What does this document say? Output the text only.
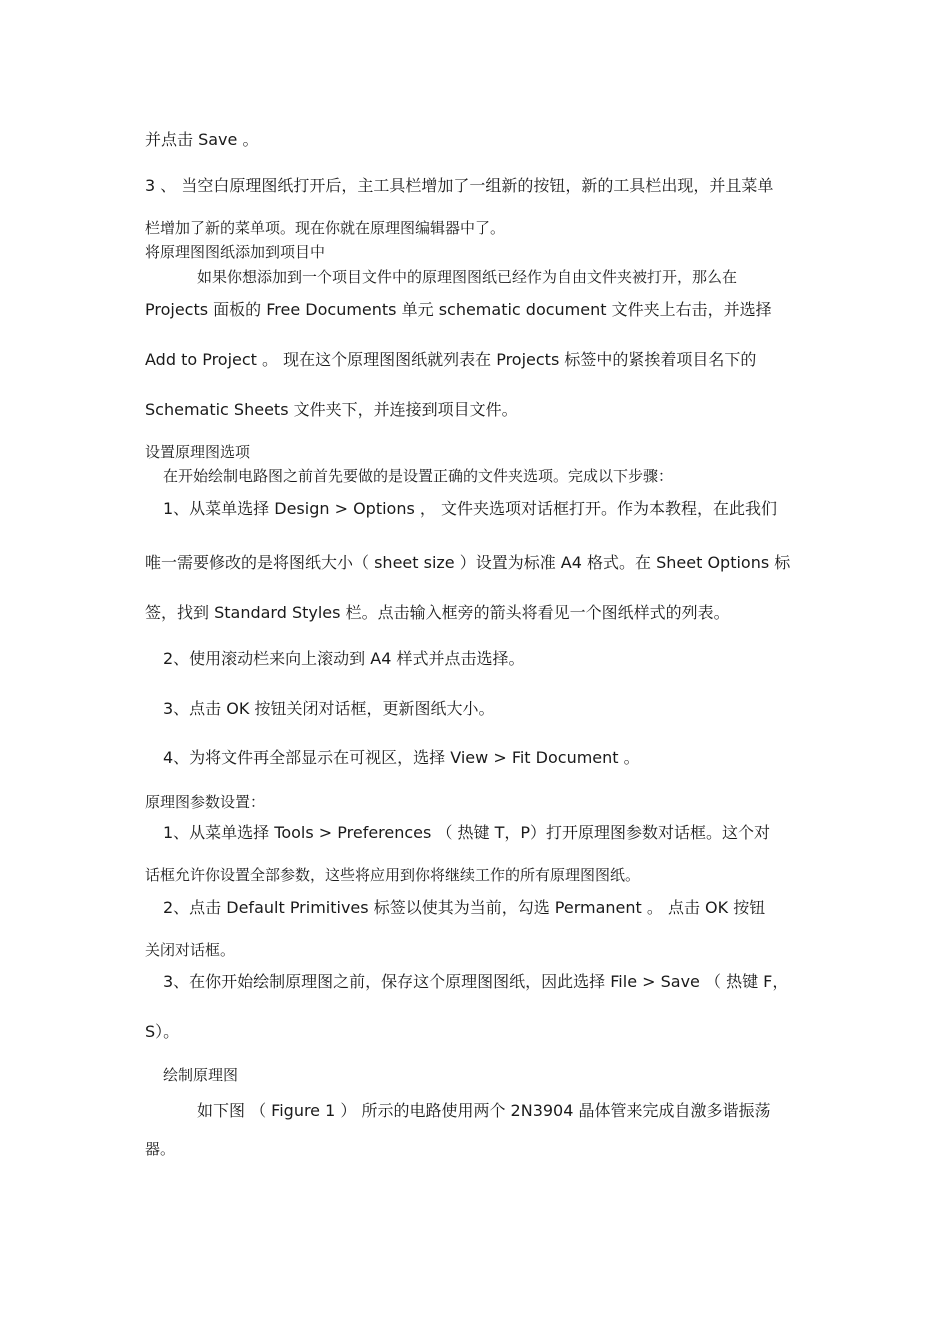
并点击 Save 。
3 、 当空白原理图纸打开后，主工具栏增加了一组新的按钮，新的工具栏出现，并且菜单
栏增加了新的菜单项。现在你就在原理图编辑器中了。
将原理图图纸添加到项目中
如果你想添加到一个项目文件中的原理图图纸已经作为自由文件夹被打开，那么在
Projects 面板的 Free Documents 单元 schematic document 文件夹上右击，并选择
Add to Project 。 现在这个原理图图纸就列表在 Projects 标签中的紧挨着项目名下的
Schematic Sheets 文件夹下，并连接到项目文件。
设置原理图选项
在开始绘制电路图之前首先要做的是设置正确的文件夹选项。完成以下步骤：
1、从菜单选择 Design > Options ， 文件夹选项对话框打开。作为本教程，在此我们
唯一需要修改的是将图纸大小（ sheet size ）设置为标准 A4 格式。在 Sheet Options 标
签，找到 Standard Styles 栏。点击输入框旁的箭头将看见一个图纸样式的列表。
2、使用滚动栏来向上滚动到 A4 样式并点击选择。
3、点击 OK 按钮关闭对话框，更新图纸大小。
4、为将文件再全部显示在可视区，选择 View > Fit Document 。
原理图参数设置：
1、从菜单选择 Tools > Preferences （ 热键 T，P）打开原理图参数对话框。这个对
话框允许你设置全部参数，这些将应用到你将继续工作的所有原理图图纸。
2、点击 Default Primitives 标签以使其为当前，勾选 Permanent 。 点击 OK 按钮
关闭对话框。
3、在你开始绘制原理图之前，保存这个原理图图纸，因此选择 File > Save （ 热键 F，
S）。
绘制原理图
如下图 （ Figure 1 ） 所示的电路使用两个 2N3904 晶体管来完成自激多谐振荡
器。
